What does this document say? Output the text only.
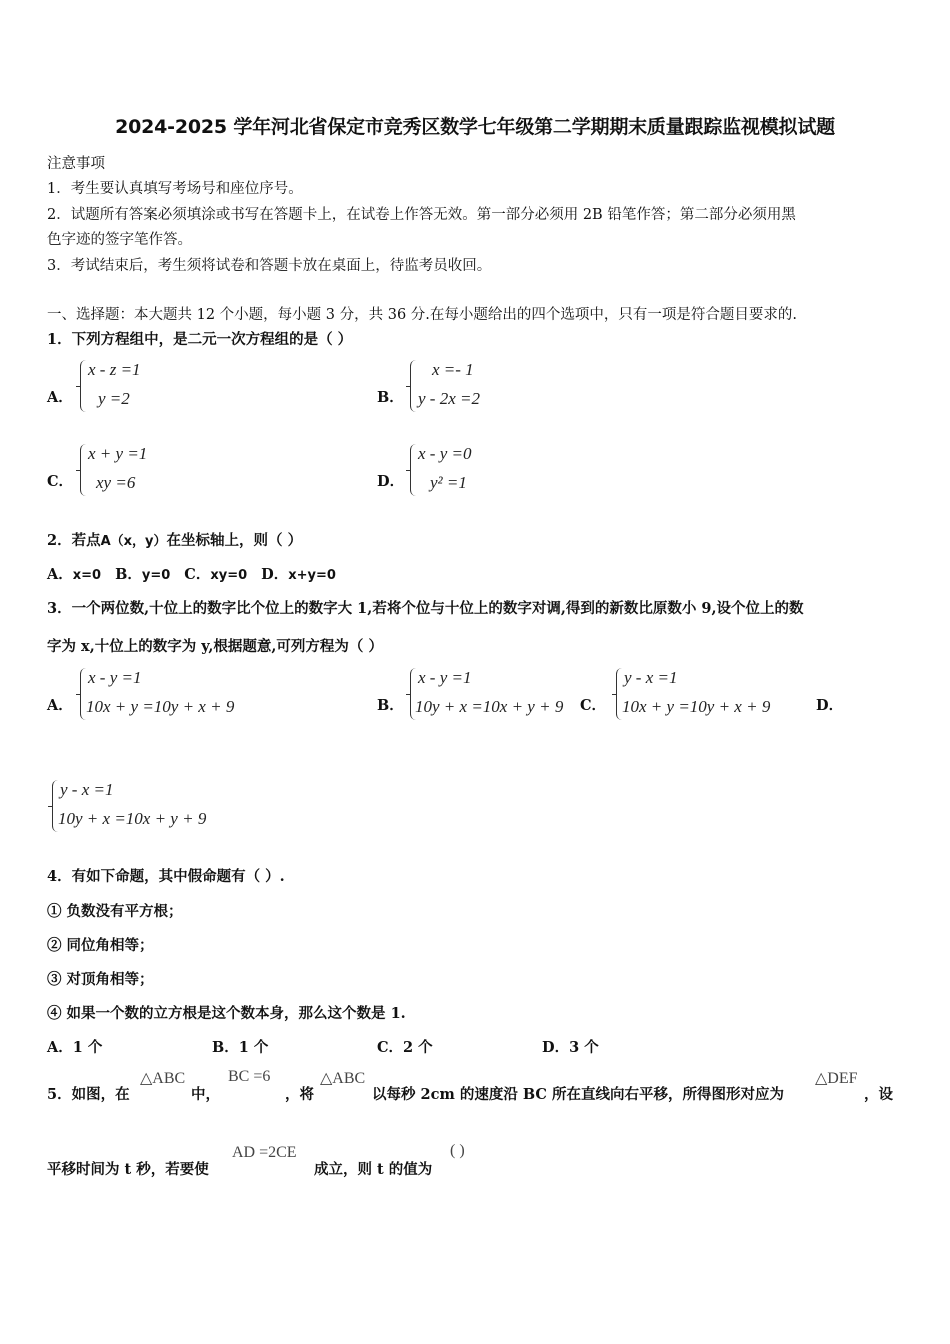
2024-2025 学年河北省保定市竞秀区数学七年级第二学期期末质量跟踪监视模拟试题
注意事项
1．考生要认真填写考场号和座位序号。
2．试题所有答案必须填涂或书写在答题卡上，在试卷上作答无效。第一部分必须用 2B 铅笔作答；第二部分必须用黑
色字迹的签字笔作答。
3．考试结束后，考生须将试卷和答题卡放在桌面上，待监考员收回。
一、选择题：本大题共 12 个小题，每小题 3 分，共 36 分.在每小题给出的四个选项中，只有一项是符合题目要求的.
1．下列方程组中，是二元一次方程组的是（ ）
A．
x - z =1
y =2	B．
x =- 1
y - 2x =2
C．
x + y =1
xy =6	D．
x - y =0
y² =1
2．若点A（x，y）在坐标轴上，则（ ）
A．x=0 B．y=0 C．xy=0 D．x+y=0
3．一个两位数,十位上的数字比个位上的数字大 1,若将个位与十位上的数字对调,得到的新数比原数小 9,设个位上的数
字为 x,十位上的数字为 y,根据题意,可列方程为（ ）
A．
x - y =1
10x + y =10y + x + 9	B．
x - y =1
10y + x =10x + y + 9 C．
y - x =1
10x + y =10y + x + 9	D．
y - x =1
10y + x =10x + y + 9
4．有如下命题，其中假命题有（ ）.
① 负数没有平方根；
② 同位角相等；
③ 对顶角相等；
④ 如果一个数的立方根是这个数本身，那么这个数是 1.
A．1 个	B．1 个	C．2 个	D．3 个
5．如图，在
△ABC
中，
BC =6
，将
△ABC
以每秒 2cm 的速度沿 BC 所在直线向右平移，所得图形对应为
△DEF
，设
平移时间为 t 秒，若要使
AD =2CE
成立，则 t 的值为
( )
